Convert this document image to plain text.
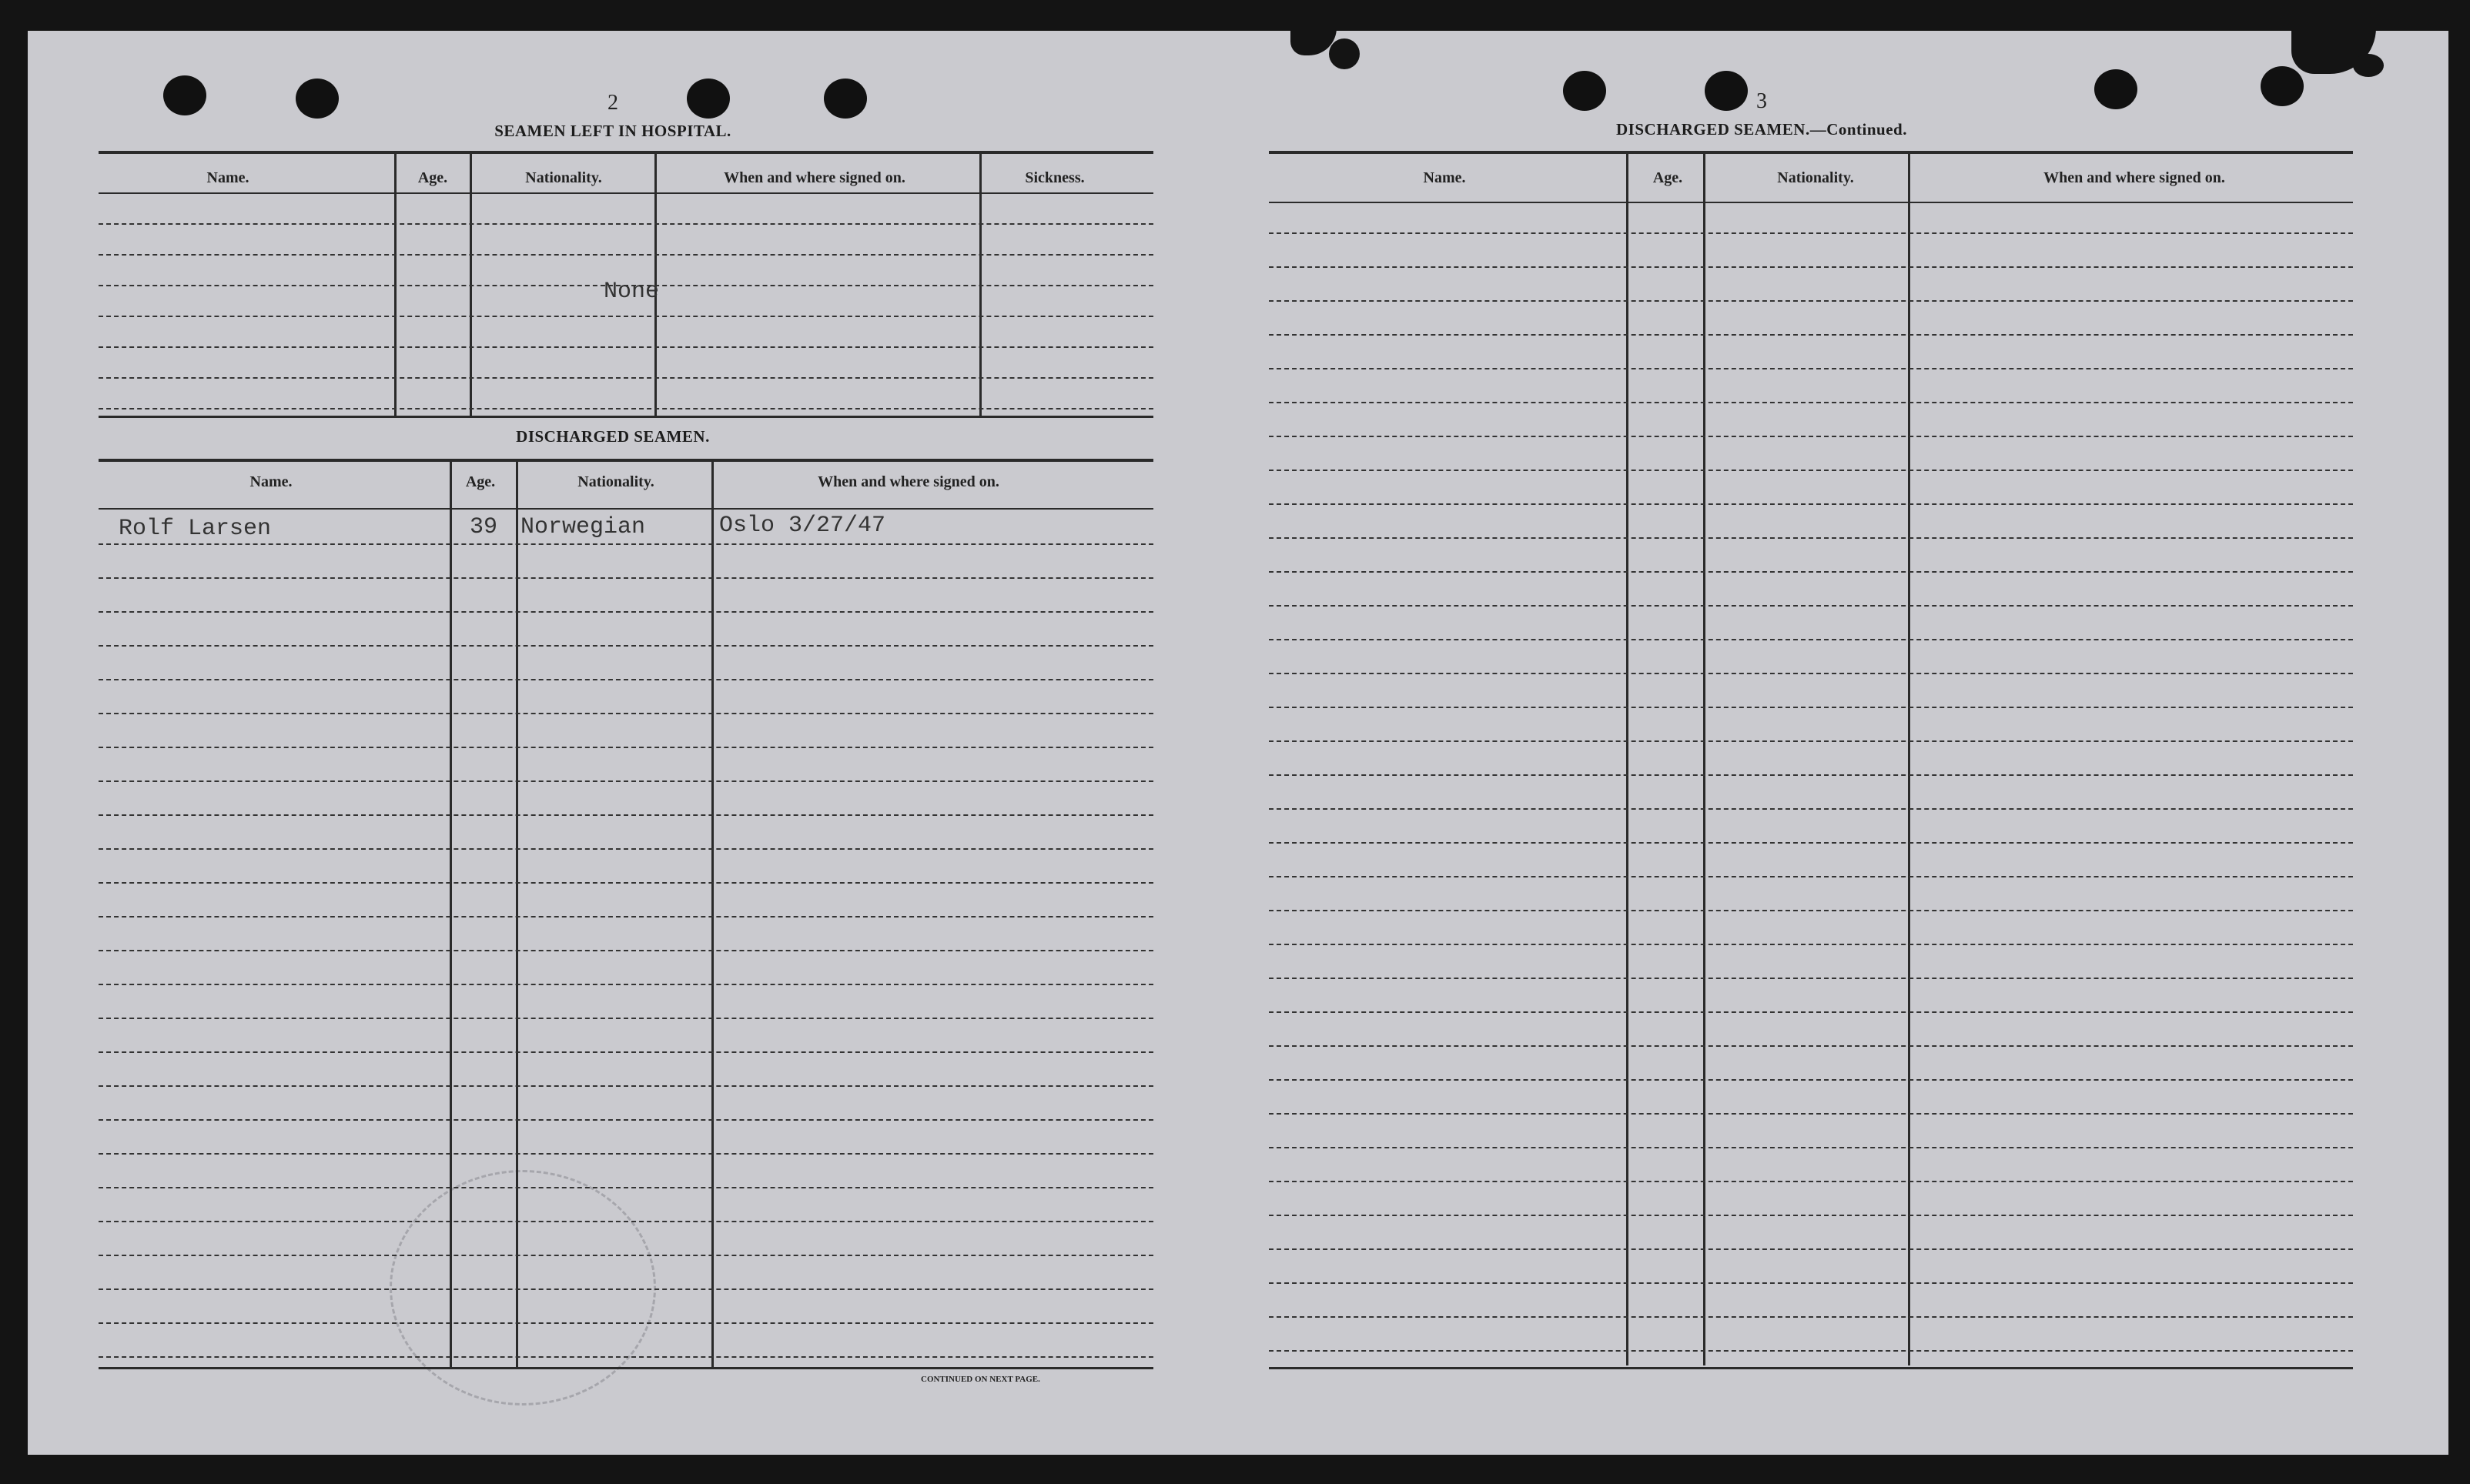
2
SEAMEN LEFT IN HOSPITAL.
Name.	Age.	Nationality.	When and where signed on.	Sickness.
None
DISCHARGED SEAMEN.
Name.	Age.	Nationality.	When and where signed on.
Rolf Larsen	39 Norwegian	Oslo 3/27/47
CONTINUED ON NEXT PAGE.
3
DISCHARGED SEAMEN.—Continued.
Name.	Age.	Nationality.	When and where signed on.
